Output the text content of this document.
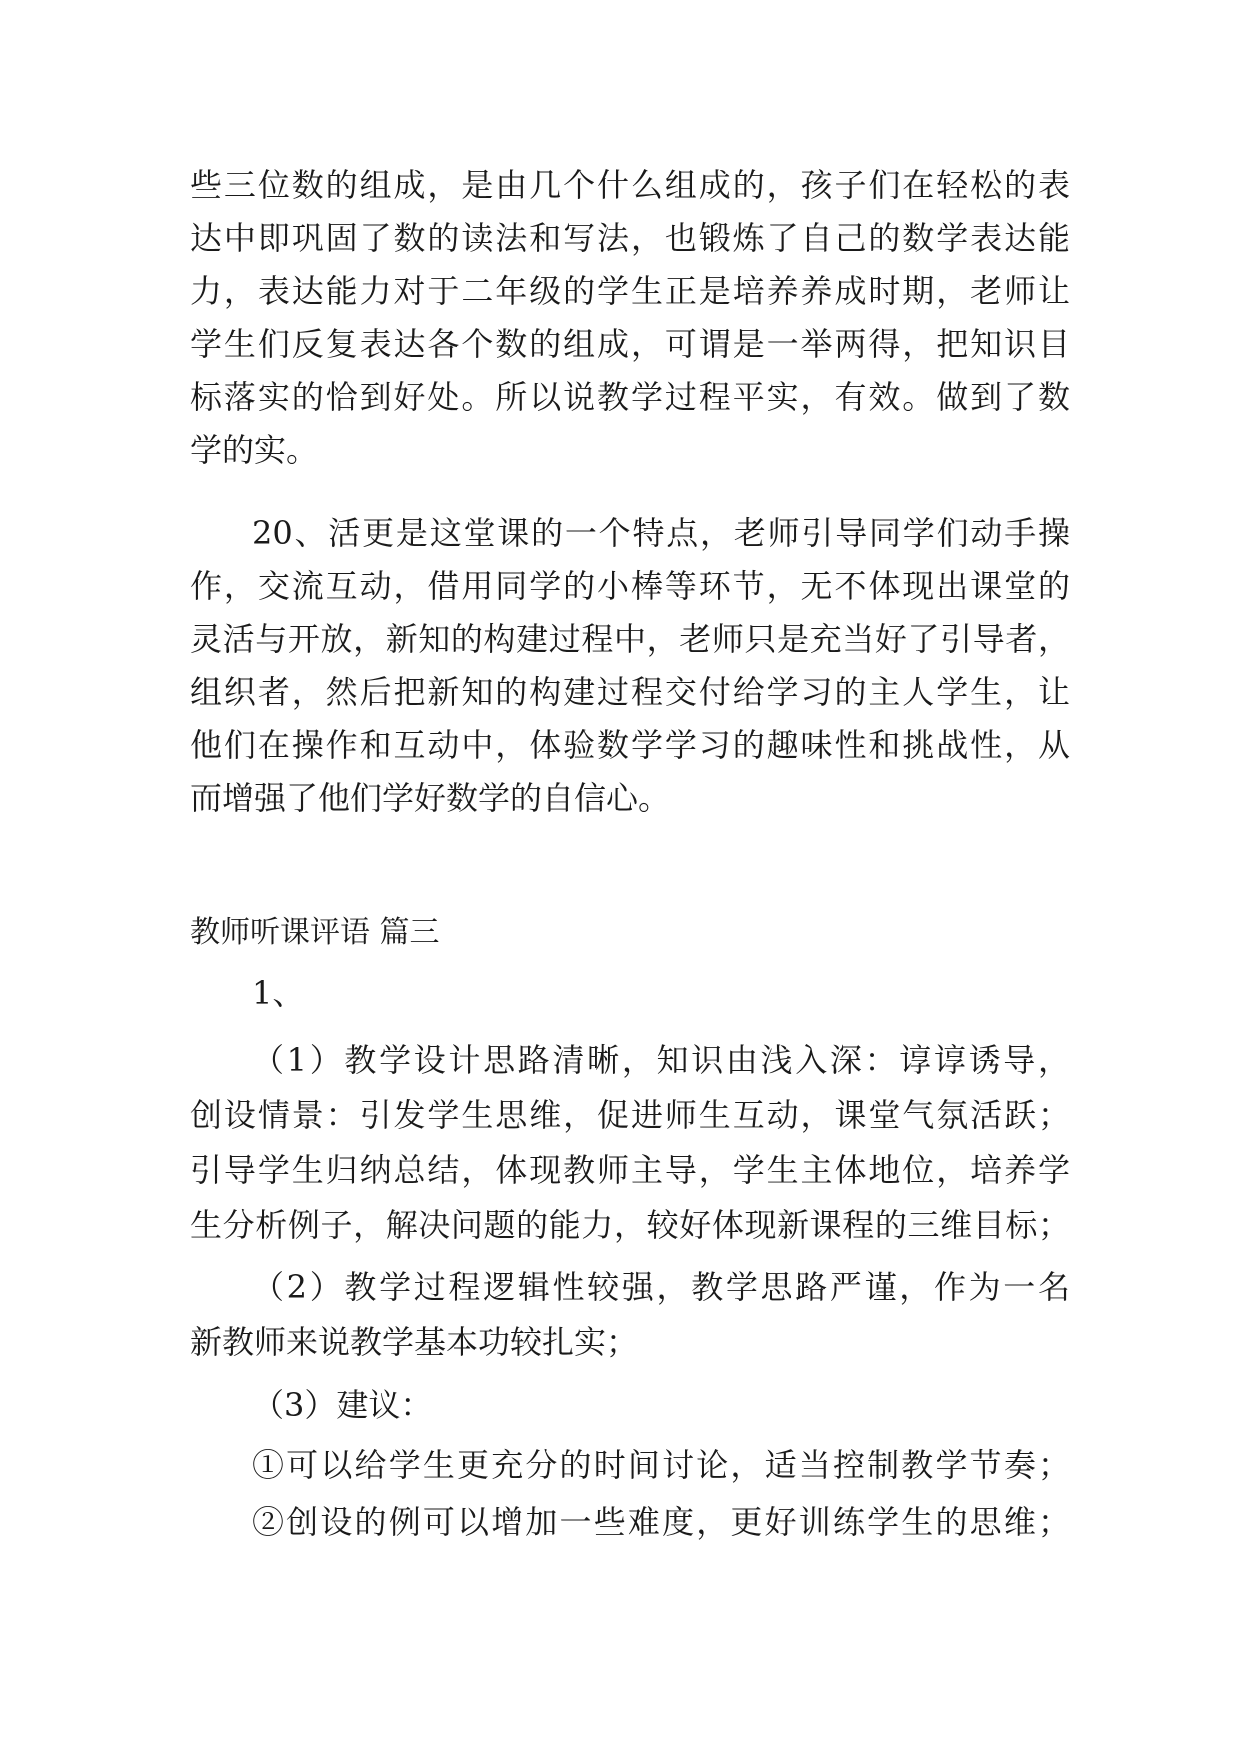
些三位数的组成，是由几个什么组成的，孩子们在轻松的表
达中即巩固了数的读法和写法，也锻炼了自己的数学表达能
力，表达能力对于二年级的学生正是培养养成时期，老师让
学生们反复表达各个数的组成，可谓是一举两得，把知识目
标落实的恰到好处。所以说教学过程平实，有效。做到了数
学的实。
20、活更是这堂课的一个特点，老师引导同学们动手操
作，交流互动，借用同学的小棒等环节，无不体现出课堂的
灵活与开放，新知的构建过程中，老师只是充当好了引导者，
组织者，然后把新知的构建过程交付给学习的主人学生，让
他们在操作和互动中，体验数学学习的趣味性和挑战性，从
而增强了他们学好数学的自信心。
教师听课评语 篇三
1、
（1）教学设计思路清晰，知识由浅入深：谆谆诱导，
创设情景：引发学生思维，促进师生互动，课堂气氛活跃；
引导学生归纳总结，体现教师主导，学生主体地位，培养学
生分析例子，解决问题的能力，较好体现新课程的三维目标；
（2）教学过程逻辑性较强，教学思路严谨，作为一名
新教师来说教学基本功较扎实；
（3）建议：
①可以给学生更充分的时间讨论，适当控制教学节奏；
②创设的例可以增加一些难度，更好训练学生的思维；
